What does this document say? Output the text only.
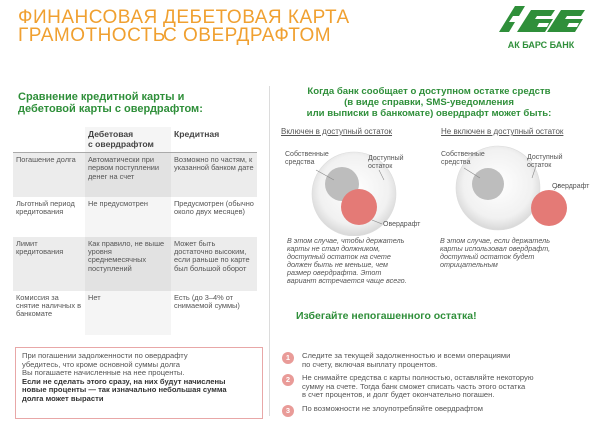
ФИНАНСОВАЯ
ГРАМОТНОСТЬ
ДЕБЕТОВАЯ КАРТА
С ОВЕРДРАФТОМ	АК БАРС БАНК
Сравнение кредитной карты и
дебетовой карты с овердрафтом:

	Дебетовая
с овердрафтом	Кредитная
Погашение долга	Автоматически при первом поступлении денег на счет	Возможно по частям, к указанной банком дате
Льготный период кредитования	Не предусмотрен	Предусмотрен (обычно около двух месяцев)
Лимит кредитования	Как правило, не выше уровня среднемесячных поступлений	Может быть достаточно высоким, если раньше по карте был большой оборот
Комиссия за снятие наличных в банкомате	Нет	Есть (до 3–4% от снимаемой суммы)
При погашении задолженности по овердрафту
убедитесь, что кроме основной суммы долга
Вы погашаете начисленные на нее проценты.
Если не сделать этого сразу, на них будут начислены
новые проценты — так изначально небольшая сумма
долга может вырасти
Когда банк сообщает о доступном остатке средств
(в виде справки, SMS-уведомления
или выписки в банкомате) овердрафт может быть:
Включен в доступный остаток	Не включен в доступный остаток
Собственные
средства	Доступный
остаток
Овердрафт
В этом случае, чтобы держатель
карты не стал должником,
доступный остаток на счете
должен быть не меньше, чем
размер овердрафта. Этот
вариант встречается чаще всего.
Собственные
средства
Доступный
остаток
Овердрафт
В этом случае, если держатель
карты использовал овердрафт,
доступный остаток будет
отрицательным
Избегайте непогашенного остатка!
1	Следите за текущей задолженностью и всеми операциями
по счету, включая выплату процентов.
2	Не снимайте средства с карты полностью, оставляйте некоторую
сумму на счете. Тогда банк сможет списать часть этого остатка
в счет процентов, и долг будет окончательно погашен.
3	По возможности не злоупотребляйте овердрафтом
